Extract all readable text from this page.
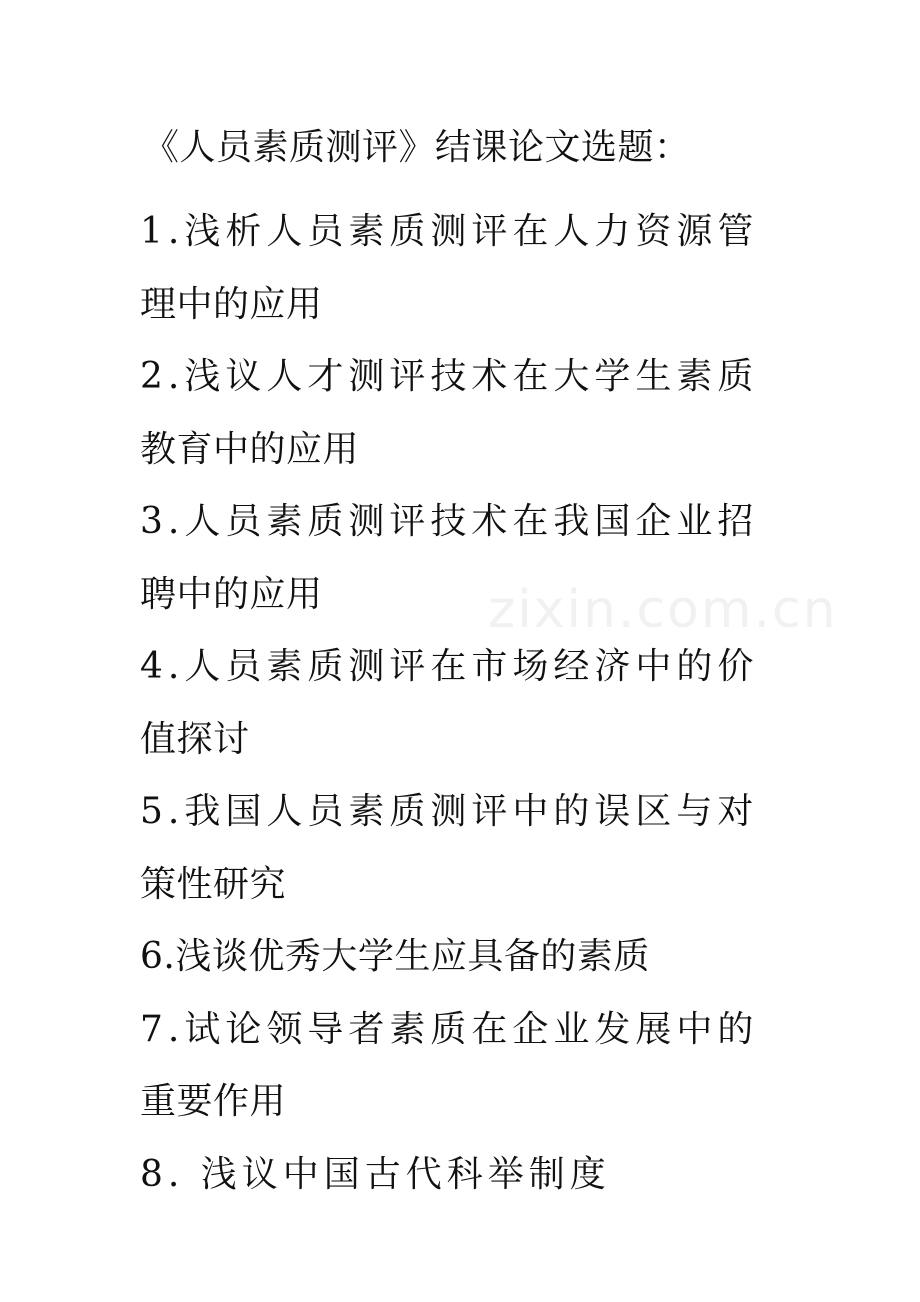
zixin.com.cn
《人员素质测评》结课论文选题：
1.浅析人员素质测评在人力资源管
理中的应用
2.浅议人才测评技术在大学生素质
教育中的应用
3.人员素质测评技术在我国企业招
聘中的应用
4.人员素质测评在市场经济中的价
值探讨
5.我国人员素质测评中的误区与对
策性研究
6.浅谈优秀大学生应具备的素质
7.试论领导者素质在企业发展中的
重要作用
8. 浅议中国古代科举制度
